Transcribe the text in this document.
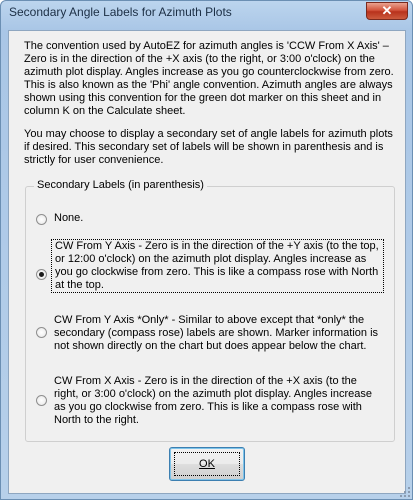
Secondary Angle Labels for Azimuth Plots	✕
The convention used by AutoEZ for azimuth angles is 'CCW From X Axis' – Zero is in the direction of the +X axis (to the right, or 3:00 o'clock) on the azimuth plot display. Angles increase as you go counterclockwise from zero. This is also known as the 'Phi' angle convention. Azimuth angles are always shown using this convention for the green dot marker on this sheet and in column K on the Calculate sheet.
You may choose to display a secondary set of angle labels for azimuth plots if desired. This secondary set of labels will be shown in parenthesis and is strictly for user convenience.
Secondary Labels (in parenthesis)
None.
CW From Y Axis - Zero is in the direction of the +Y axis (to the top, or 12:00 o'clock) on the azimuth plot display. Angles increase as you go clockwise from zero. This is like a compass rose with North at the top.
CW From Y Axis *Only* - Similar to above except that *only* the secondary (compass rose) labels are shown. Marker information is not shown directly on the chart but does appear below the chart.
CW From X Axis - Zero is in the direction of the +X axis (to the right, or 3:00 o'clock) on the azimuth plot display. Angles increase as you go clockwise from zero. This is like a compass rose with North to the right.
OK
